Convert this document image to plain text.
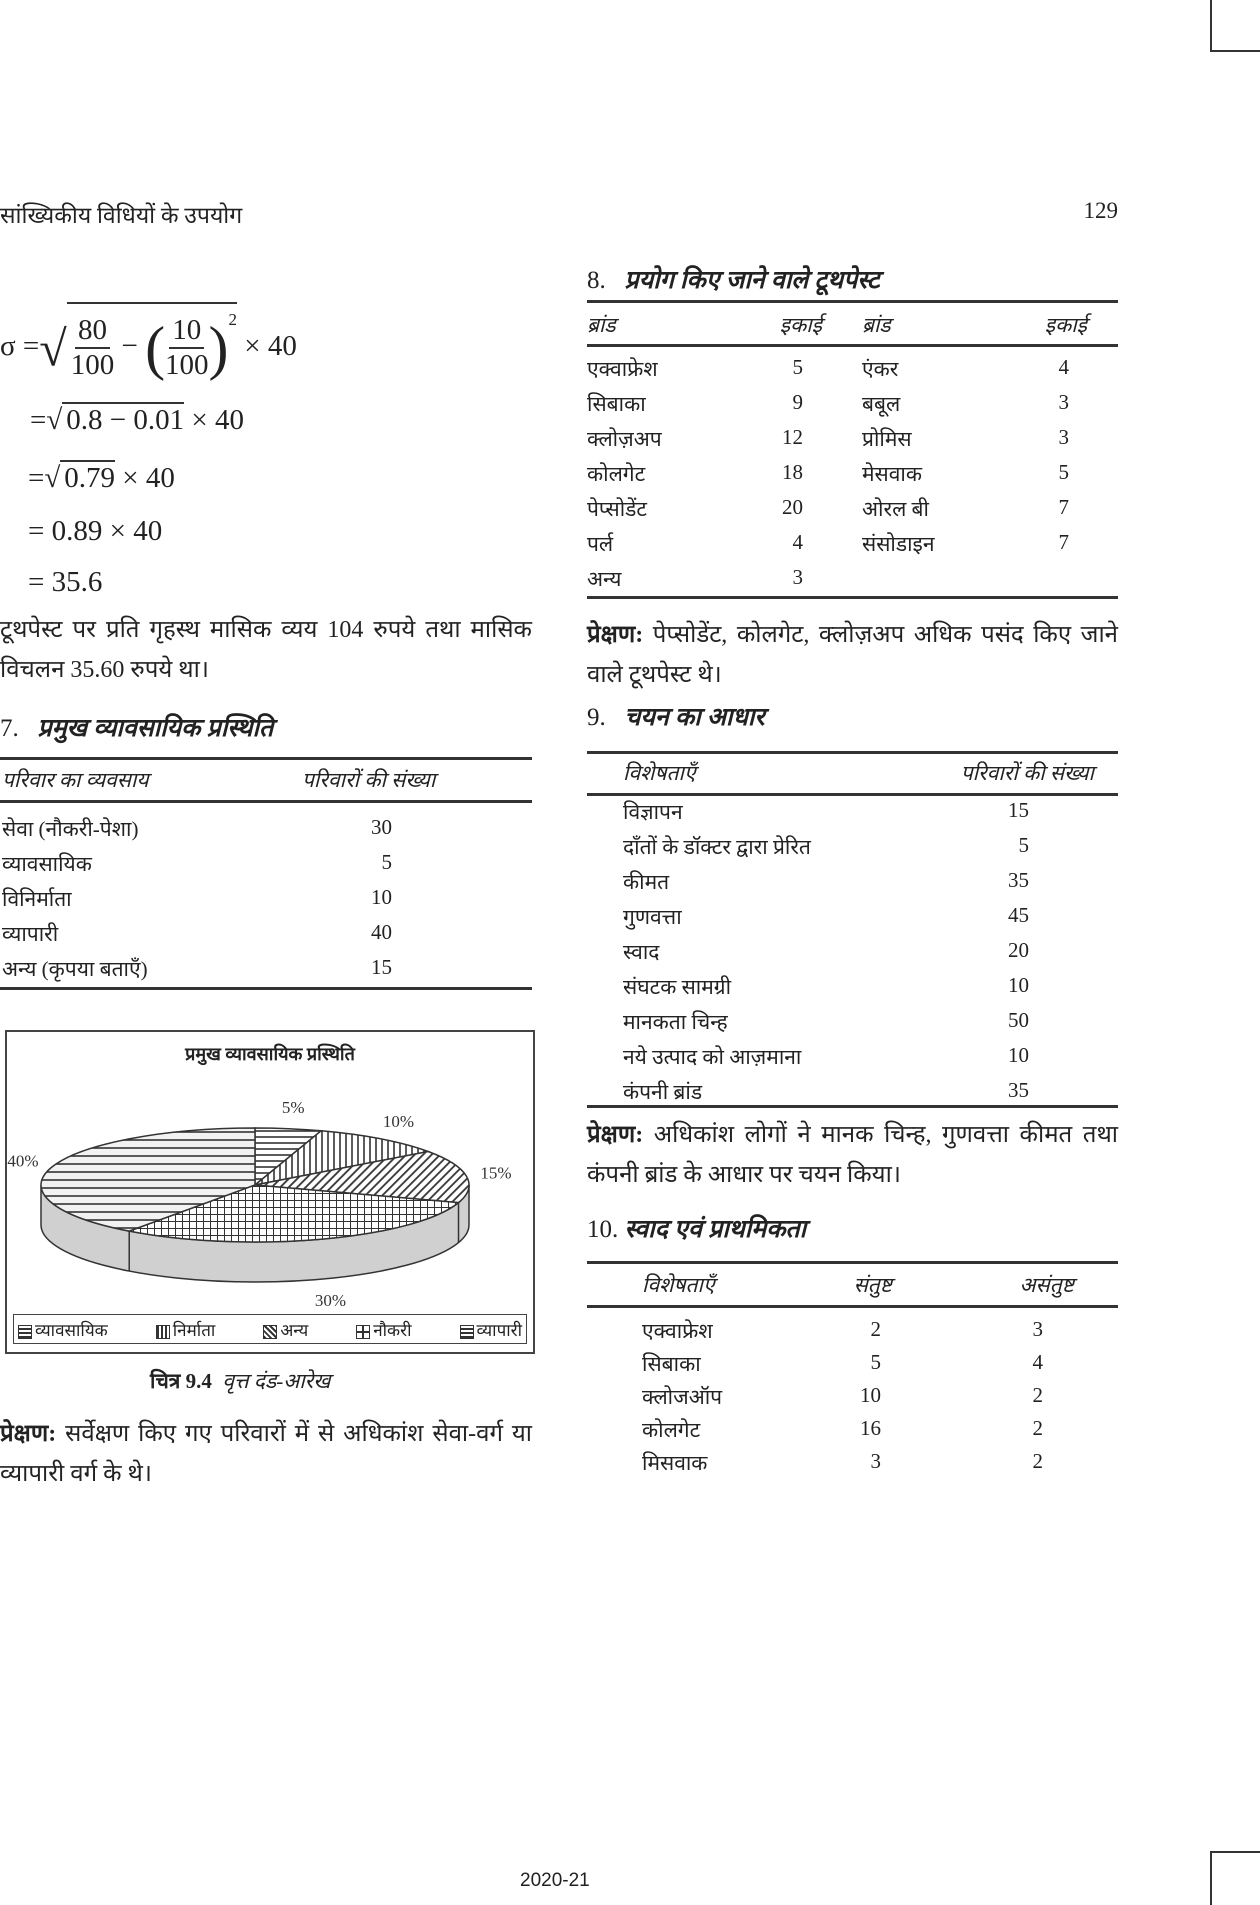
सांख्यिकीय विधियों के उपयोग	129
σ =√ $\frac{80}{100}$ − ( $\frac{10}{100} )^2 \times 40$
=√ 0.8 − 0.01 × 40
=√ 0.79 × 40
= 0.89 × 40
= 35.6
टूथपेस्ट पर प्रति गृहस्थ मासिक व्यय 104 रुपये तथा मासिक विचलन 35.60 रुपये था।
7. प्रमुख व्यावसायिक प्रस्थिति
परिवार का व्यवसाय	परिवारों की संख्या
सेवा (नौकरी-पेशा)	30
व्यावसायिक	5
विनिर्माता	10
व्यापारी	40
अन्य (कृपया बताएँ)	15
प्रमुख व्यावसायिक प्रस्थिति
5%
10%
15%
30%
40%
व्यावसायिक	निर्माता	अन्य	नौकरी	व्यापारी
चित्र 9.4 वृत्त दंड-आरेख
प्रेक्षण: सर्वेक्षण किए गए परिवारों में से अधिकांश सेवा-वर्ग या व्यापारी वर्ग के थे।
8. प्रयोग किए जाने वाले टूथपेस्ट
ब्रांड	इकाई ब्रांड	इकाई
एक्वाफ्रेश	5	एंकर	4
सिबाका	9	बबूल	3
क्लोज़अप	12	प्रोमिस	3
कोलगेट	18	मेसवाक	5
पेप्सोडेंट	20	ओरल बी	7
पर्ल	4	संसोडाइन	7
अन्य	3
प्रेक्षण: पेप्सोडेंट, कोलगेट, क्लोज़अप अधिक पसंद किए जाने वाले टूथपेस्ट थे।
9. चयन का आधार
विशेषताएँ	परिवारों की संख्या
विज्ञापन	15
दाँतों के डॉक्टर द्वारा प्रेरित	5
कीमत	35
गुणवत्ता	45
स्वाद	20
संघटक सामग्री	10
मानकता चिन्ह	50
नये उत्पाद को आज़माना	10
कंपनी ब्रांड	35
प्रेक्षण: अधिकांश लोगों ने मानक चिन्ह, गुणवत्ता कीमत तथा कंपनी ब्रांड के आधार पर चयन किया।
10. स्वाद एवं प्राथमिकता
विशेषताएँ	संतुष्ट	असंतुष्ट
एक्वाफ्रेश	2	3
सिबाका	5	4
क्लोजऑप	10	2
कोलगेट	16	2
मिसवाक	3	2
2020-21
